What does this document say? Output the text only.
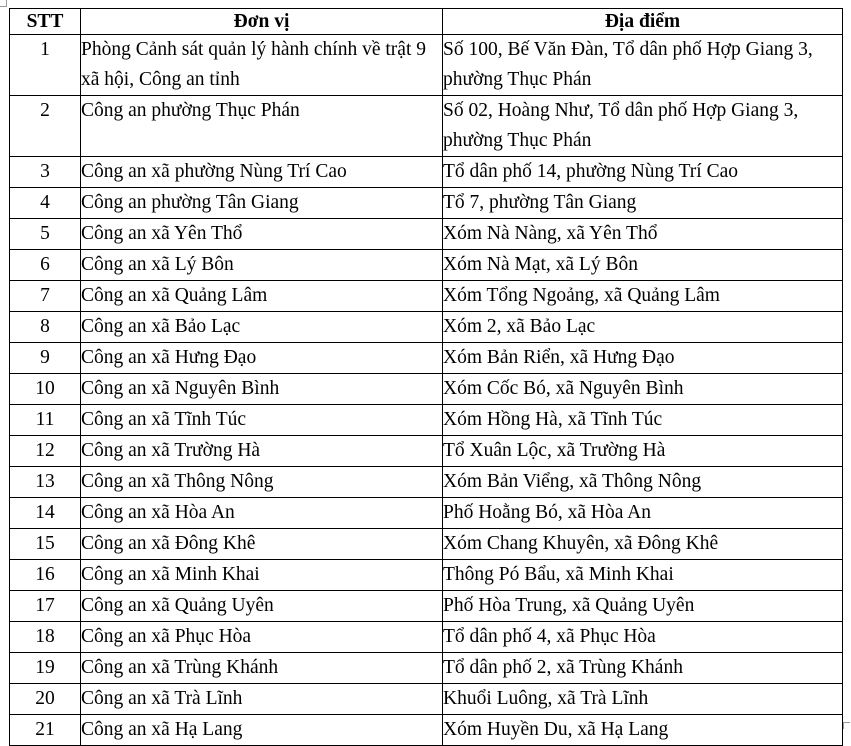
STT	Đơn vị	Địa điểm
1	Phòng Cảnh sát quản lý hành chính về trật 9 xã hội, Công an tỉnh	Số 100, Bế Văn Đàn, Tổ dân phố Hợp Giang 3, phường Thục Phán
2	Công an phường Thục Phán	Số 02, Hoàng Như, Tổ dân phố Hợp Giang 3, phường Thục Phán
3	Công an xã phường Nùng Trí Cao	Tổ dân phố 14, phường Nùng Trí Cao
4	Công an phường Tân Giang	Tổ 7, phường Tân Giang
5	Công an xã Yên Thổ	Xóm Nà Nàng, xã Yên Thổ
6	Công an xã Lý Bôn	Xóm Nà Mạt, xã Lý Bôn
7	Công an xã Quảng Lâm	Xóm Tổng Ngoảng, xã Quảng Lâm
8	Công an xã Bảo Lạc	Xóm 2, xã Bảo Lạc
9	Công an xã Hưng Đạo	Xóm Bản Riển, xã Hưng Đạo
10	Công an xã Nguyên Bình	Xóm Cốc Bó, xã Nguyên Bình
11	Công an xã Tĩnh Túc	Xóm Hồng Hà, xã Tĩnh Túc
12	Công an xã Trường Hà	Tổ Xuân Lộc, xã Trường Hà
13	Công an xã Thông Nông	Xóm Bản Viểng, xã Thông Nông
14	Công an xã Hòa An	Phố Hoằng Bó, xã Hòa An
15	Công an xã Đông Khê	Xóm Chang Khuyên, xã Đông Khê
16	Công an xã Minh Khai	Thông Pó Bẩu, xã Minh Khai
17	Công an xã Quảng Uyên	Phố Hòa Trung, xã Quảng Uyên
18	Công an xã Phục Hòa	Tổ dân phố 4, xã Phục Hòa
19	Công an xã Trùng Khánh	Tổ dân phố 2, xã Trùng Khánh
20	Công an xã Trà Lĩnh	Khuổi Luông, xã Trà Lĩnh
21	Công an xã Hạ Lang	Xóm Huyền Du, xã Hạ Lang
